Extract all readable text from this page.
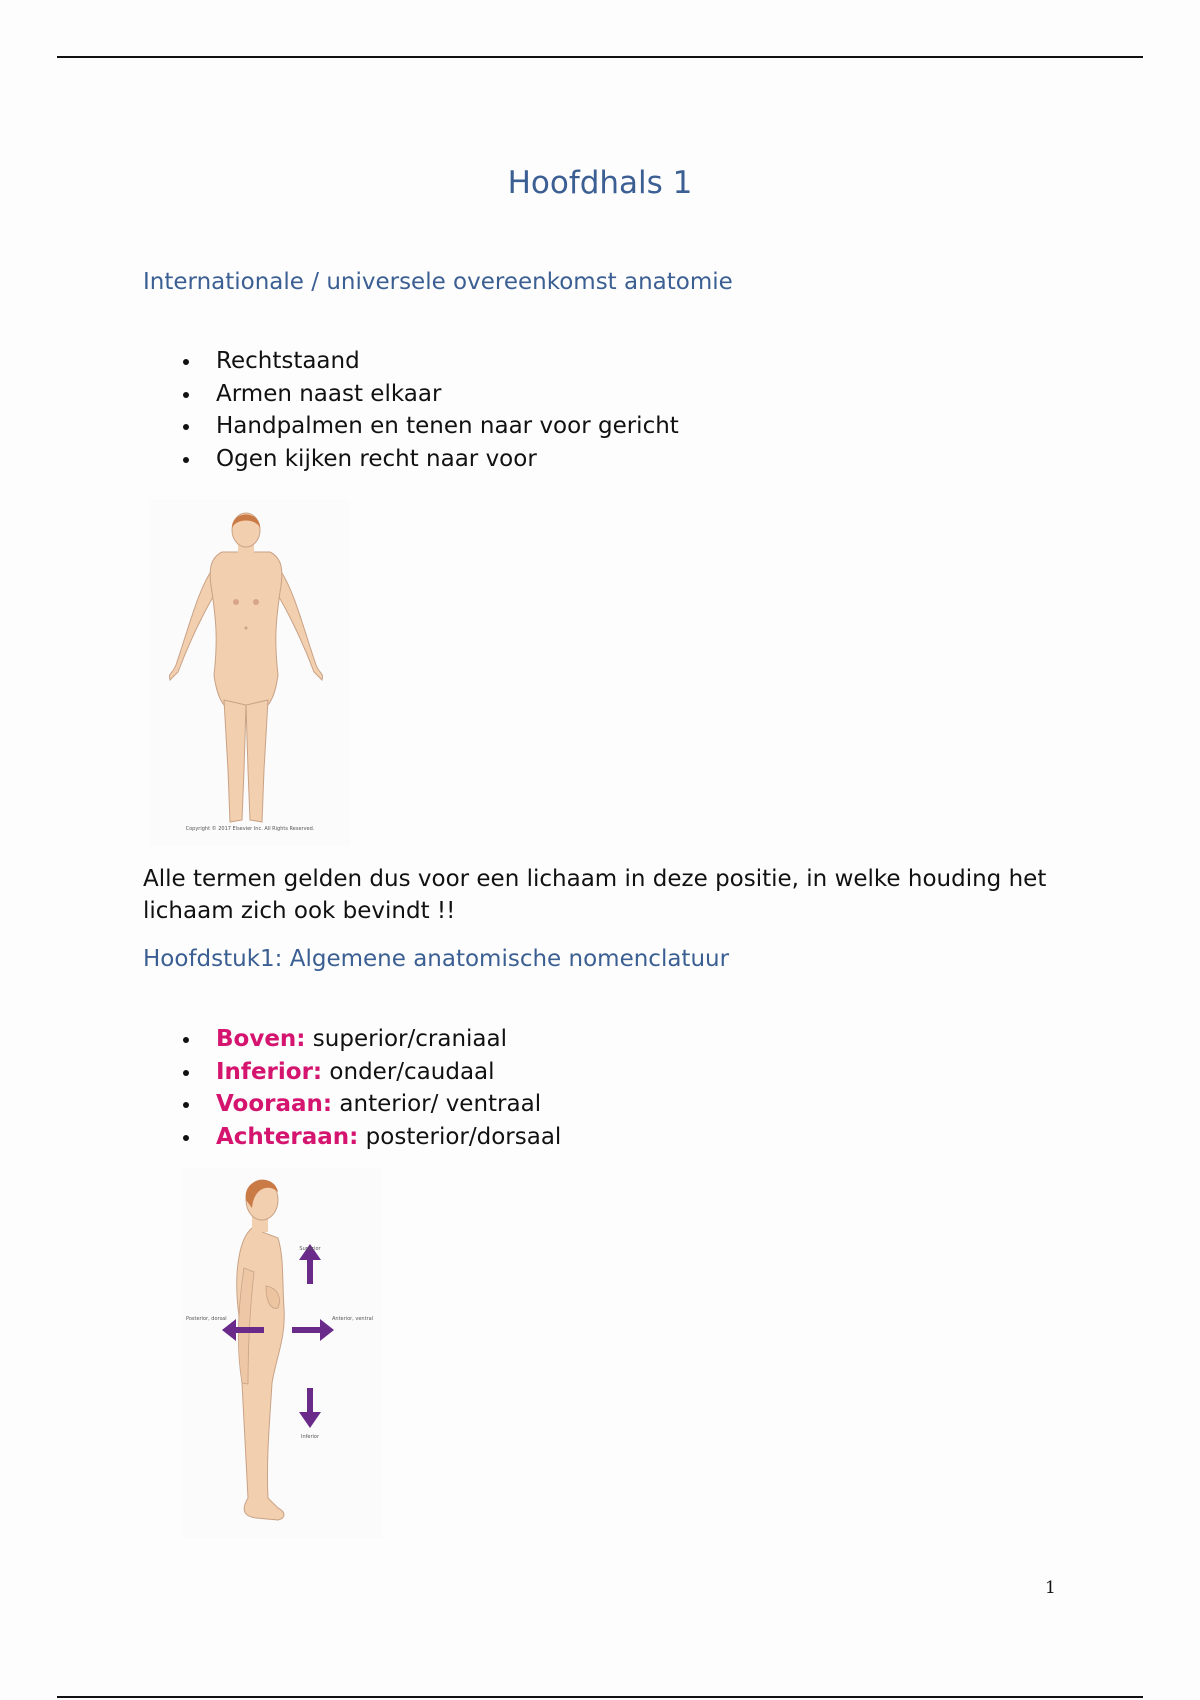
Hoofdhals 1
Internationale / universele overeenkomst anatomie
Rechtstaand
Armen naast elkaar
Handpalmen en tenen naar voor gericht
Ogen kijken recht naar voor
Copyright © 2017 Elsevier Inc. All Rights Reserved.
Alle termen gelden dus voor een lichaam in deze positie, in welke houding het lichaam zich ook bevindt !!
Hoofdstuk1: Algemene anatomische nomenclatuur
Boven: superior/craniaal
Inferior: onder/caudaal
Vooraan: anterior/ ventraal
Achteraan: posterior/dorsaal
Superior
Inferior
Posterior, dorsal	Anterior, ventral
1
